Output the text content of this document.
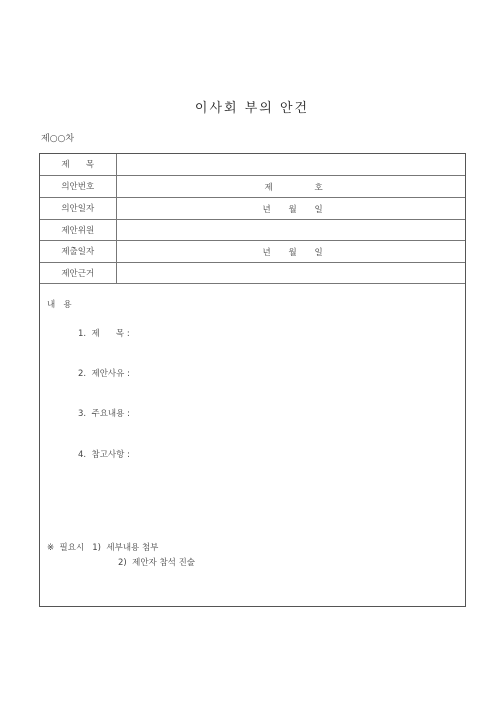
이사회 부의 안건
제○○차
제      목	
의안번호	제 호

의안일자	년 월 일

제안위원	
제출일자	년 월 일

제안근거	
내   용
1.  제      목 :
2.  제안사유 :
3.  주요내용 :
4.  참고사항 :
※  필요시   1)  세부내용 첨부
2)  제안자 참석 진술
